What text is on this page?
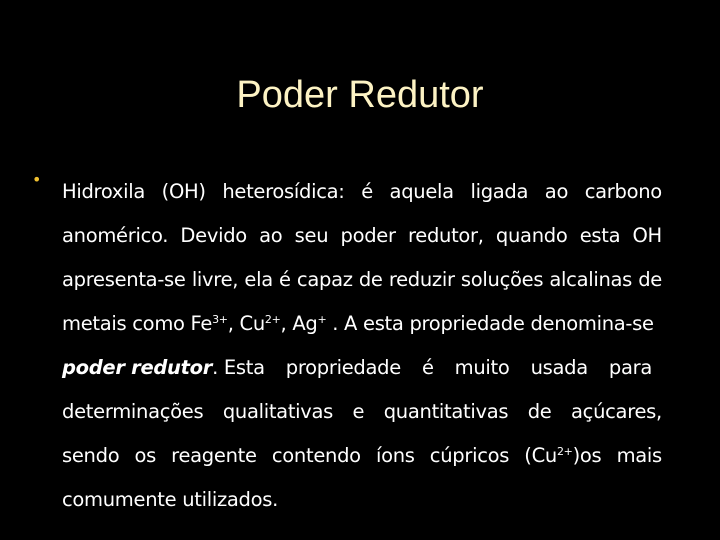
Poder Redutor
•
Hidroxila (OH) heterosídica: é aquela ligada ao carbono
anomérico. Devido ao seu poder redutor, quando esta OH
apresenta-se livre, ela é capaz de reduzir soluções alcalinas de
metais como $Fe^{3+}$, $Cu^{2+}$, Ag+ . A esta propriedade denomina-se
poder redutor. Esta propriedade é muito usada para
determinações qualitativas e quantitativas de açúcares,
sendo os reagente contendo íons cúpricos $(Cu^{2+})os$ mais
comumente utilizados.
